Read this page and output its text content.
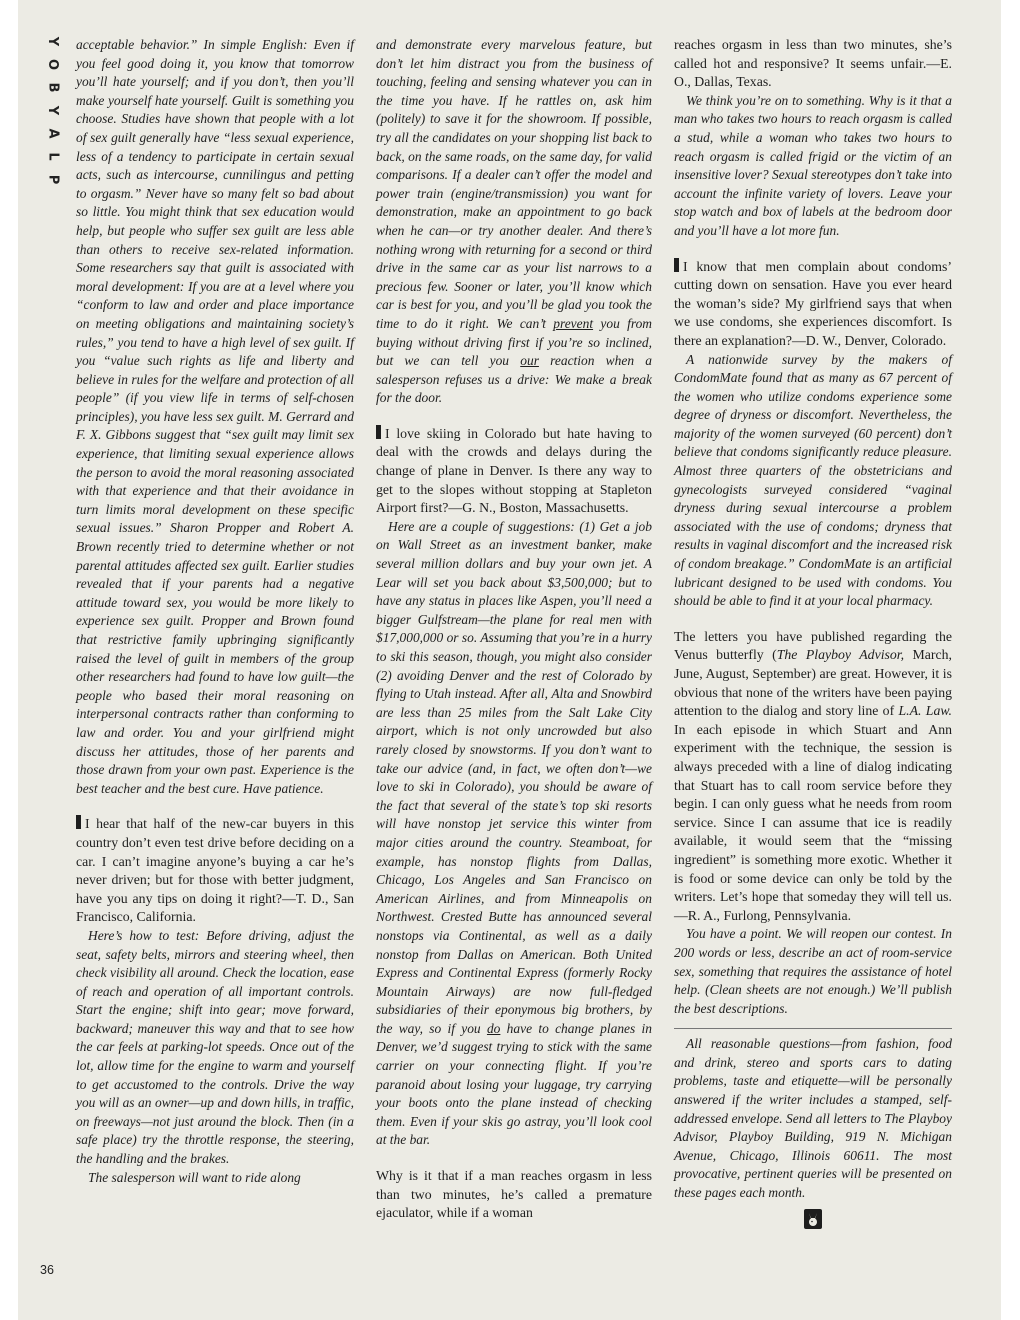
Y
O
B
Y
A
L
P
36

acceptable behavior.” In simple English: Even if you feel good doing it, you know that tomorrow you’ll hate yourself; and if you don’t, then you’ll make yourself hate yourself. Guilt is something you choose. Studies have shown that people with a lot of sex guilt generally have “less sexual experience, less of a tendency to participate in certain sexual acts, such as intercourse, cunnilingus and petting to orgasm.” Never have so many felt so bad about so little. You might think that sex education would help, but people who suffer sex guilt are less able than others to receive sex-related information. Some researchers say that guilt is associated with moral development: If you are at a level where you “conform to law and order and place importance on meeting obligations and maintaining society’s rules,” you tend to have a high level of sex guilt. If you “value such rights as life and liberty and believe in rules for the welfare and protection of all people” (if you view life in terms of self-chosen principles), you have less sex guilt. M. Gerrard and F. X. Gibbons suggest that “sex guilt may limit sex experience, that limiting sexual experience allows the person to avoid the moral reasoning associated with that experience and that their avoidance in turn limits moral development on these specific sexual issues.” Sharon Propper and Robert A. Brown recently tried to determine whether or not parental attitudes affected sex guilt. Earlier studies revealed that if your parents had a negative attitude toward sex, you would be more likely to experience sex guilt. Propper and Brown found that restrictive family upbringing significantly raised the level of guilt in members of the group other researchers had found to have low guilt—the people who based their moral reasoning on interpersonal contracts rather than conforming to law and order. You and your girlfriend might discuss her attitudes, those of her parents and those drawn from your own past. Experience is the best teacher and the best cure. Have patience.

I hear that half of the new-car buyers in this country don’t even test drive before deciding on a car. I can’t imagine anyone’s buying a car he’s never driven; but for those with better judgment, have you any tips on doing it right?—T. D., San Francisco, California.

Here’s how to test: Before driving, adjust the seat, safety belts, mirrors and steering wheel, then check visibility all around. Check the location, ease of reach and operation of all important controls. Start the engine; shift into gear; move forward, backward; maneuver this way and that to see how the car feels at parking-lot speeds. Once out of the lot, allow time for the engine to warm and yourself to get accustomed to the controls. Drive the way you will as an owner—up and down hills, in traffic, on freeways—not just around the block. Then (in a safe place) try the throttle response, the steering, the handling and the brakes.

The salesperson will want to ride along

and demonstrate every marvelous feature, but don’t let him distract you from the business of touching, feeling and sensing whatever you can in the time you have. If he rattles on, ask him (politely) to save it for the showroom. If possible, try all the candidates on your shopping list back to back, on the same roads, on the same day, for valid comparisons. If a dealer can’t offer the model and power train (engine/transmission) you want for demonstration, make an appointment to go back when he can—or try another dealer. And there’s nothing wrong with returning for a second or third drive in the same car as your list narrows to a precious few. Sooner or later, you’ll know which car is best for you, and you’ll be glad you took the time to do it right. We can’t prevent you from buying without driving first if you’re so inclined, but we can tell you our reaction when a salesperson refuses us a drive: We make a break for the door.

I love skiing in Colorado but hate having to deal with the crowds and delays during the change of plane in Denver. Is there any way to get to the slopes without stopping at Stapleton Airport first?—G. N., Boston, Massachusetts.

Here are a couple of suggestions: (1) Get a job on Wall Street as an investment banker, make several million dollars and buy your own jet. A Lear will set you back about $3,500,000; but to have any status in places like Aspen, you’ll need a bigger Gulfstream—the plane for real men with $17,000,000 or so. Assuming that you’re in a hurry to ski this season, though, you might also consider (2) avoiding Denver and the rest of Colorado by flying to Utah instead. After all, Alta and Snowbird are less than 25 miles from the Salt Lake City airport, which is not only uncrowded but also rarely closed by snowstorms. If you don’t want to take our advice (and, in fact, we often don’t—we love to ski in Colorado), you should be aware of the fact that several of the state’s top ski resorts will have nonstop jet service this winter from major cities around the country. Steamboat, for example, has nonstop flights from Dallas, Chicago, Los Angeles and San Francisco on American Airlines, and from Minneapolis on Northwest. Crested Butte has announced several nonstops via Continental, as well as a daily nonstop from Dallas on American. Both United Express and Continental Express (formerly Rocky Mountain Airways) are now full-fledged subsidiaries of their eponymous big brothers, by the way, so if you do have to change planes in Denver, we’d suggest trying to stick with the same carrier on your connecting flight. If you’re paranoid about losing your luggage, try carrying your boots onto the plane instead of checking them. Even if your skis go astray, you’ll look cool at the bar.

Why is it that if a man reaches orgasm in less than two minutes, he’s called a premature ejaculator, while if a woman

reaches orgasm in less than two minutes, she’s called hot and responsive? It seems unfair.—E. O., Dallas, Texas.

We think you’re on to something. Why is it that a man who takes two hours to reach orgasm is called a stud, while a woman who takes two hours to reach orgasm is called frigid or the victim of an insensitive lover? Sexual stereotypes don’t take into account the infinite variety of lovers. Leave your stop watch and box of labels at the bedroom door and you’ll have a lot more fun.

I know that men complain about condoms’ cutting down on sensation. Have you ever heard the woman’s side? My girlfriend says that when we use condoms, she experiences discomfort. Is there an explanation?—D. W., Denver, Colorado.

A nationwide survey by the makers of CondomMate found that as many as 67 percent of the women who utilize condoms experience some degree of dryness or discomfort. Nevertheless, the majority of the women surveyed (60 percent) don’t believe that condoms significantly reduce pleasure. Almost three quarters of the obstetricians and gynecologists surveyed considered “vaginal dryness during sexual intercourse a problem associated with the use of condoms; dryness that results in vaginal discomfort and the increased risk of condom breakage.” CondomMate is an artificial lubricant designed to be used with condoms. You should be able to find it at your local pharmacy.

The letters you have published regarding the Venus butterfly (The Playboy Advisor, March, June, August, September) are great. However, it is obvious that none of the writers have been paying attention to the dialog and story line of L.A. Law. In each episode in which Stuart and Ann experiment with the technique, the session is always preceded with a line of dialog indicating that Stuart has to call room service before they begin. I can only guess what he needs from room service. Since I can assume that ice is readily available, it would seem that the “missing ingredient” is something more exotic. Whether it is food or some device can only be told by the writers. Let’s hope that someday they will tell us.—R. A., Furlong, Pennsylvania.

You have a point. We will reopen our contest. In 200 words or less, describe an act of room-service sex, something that requires the assistance of hotel help. (Clean sheets are not enough.) We’ll publish the best descriptions.

All reasonable questions—from fashion, food and drink, stereo and sports cars to dating problems, taste and etiquette—will be personally answered if the writer includes a stamped, self-addressed envelope. Send all letters to The Playboy Advisor, Playboy Building, 919 N. Michigan Avenue, Chicago, Illinois 60611. The most provocative, pertinent queries will be presented on these pages each month.
